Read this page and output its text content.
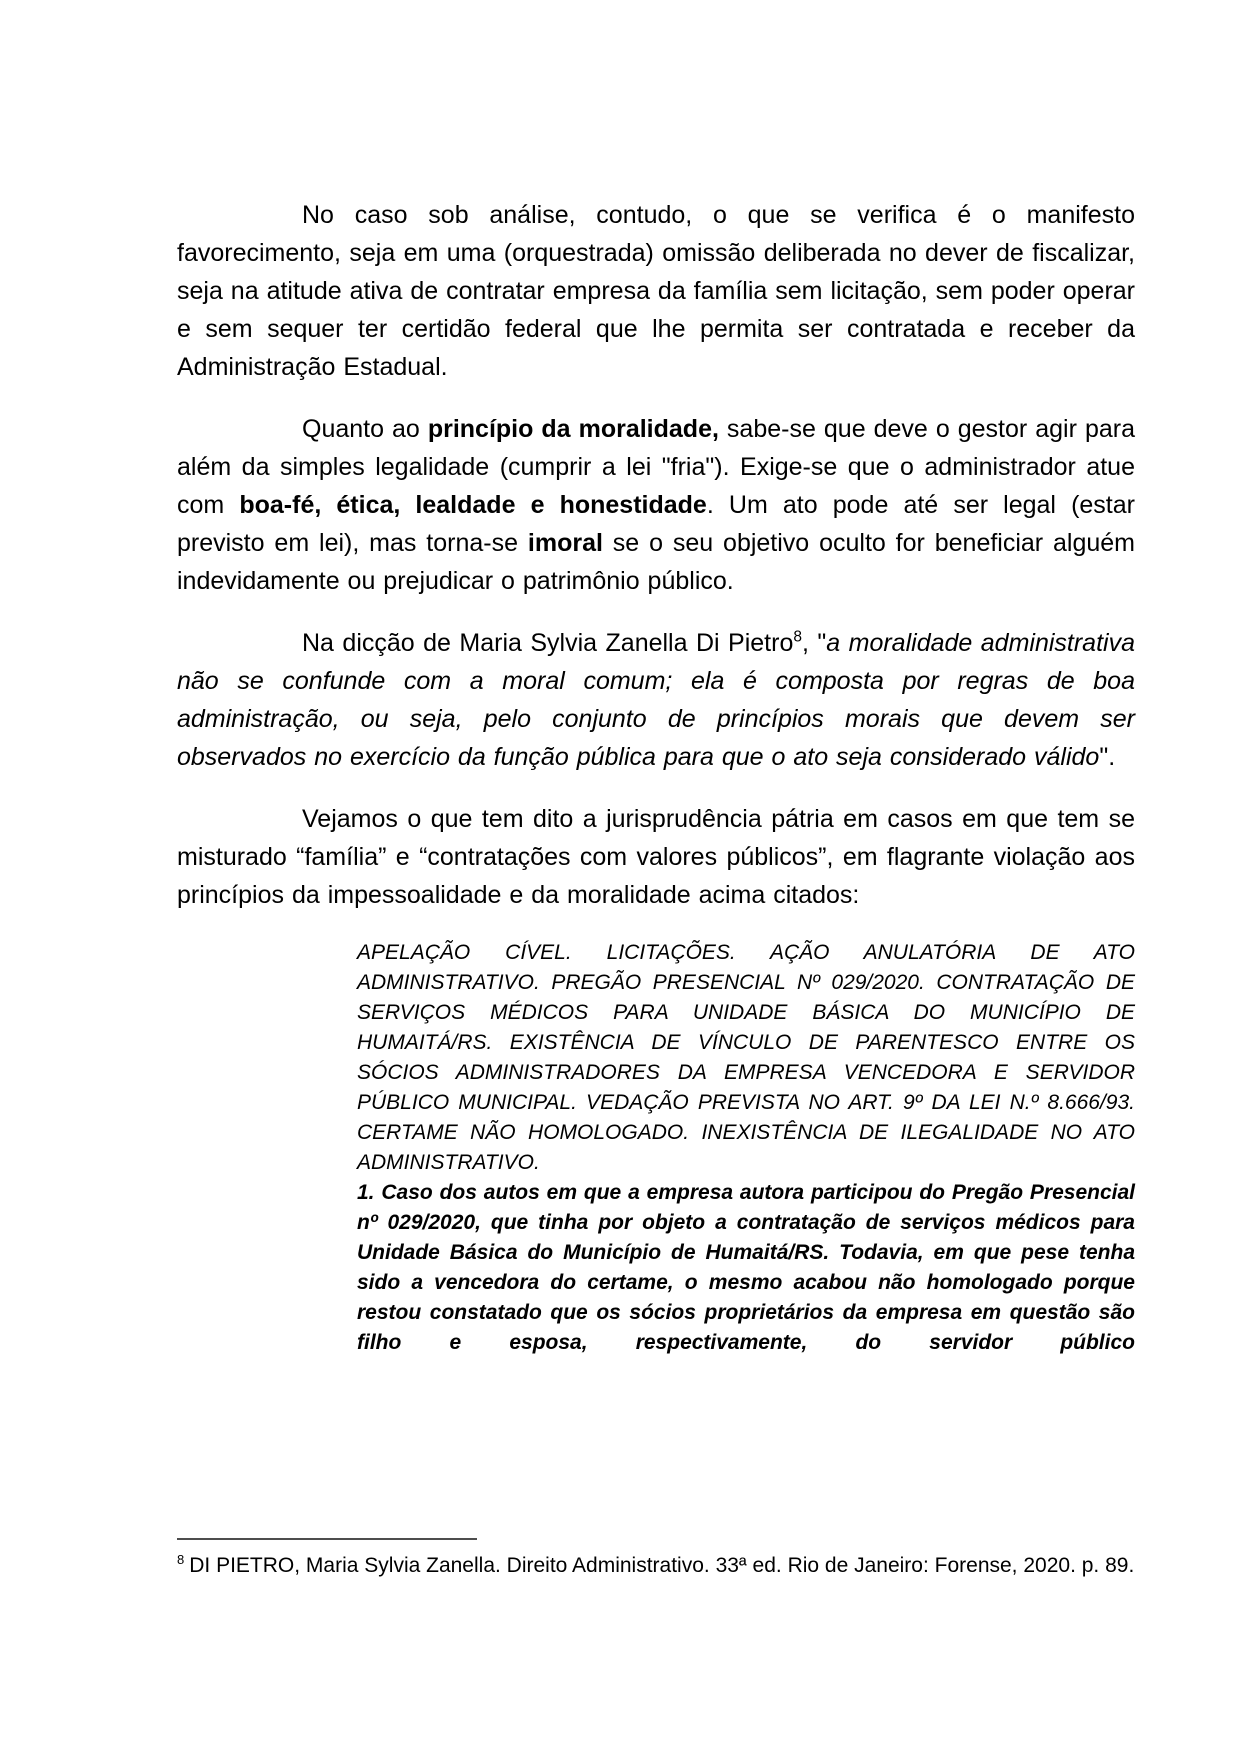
No caso sob análise, contudo, o que se verifica é o manifesto favorecimento, seja em uma (orquestrada) omissão deliberada no dever de fiscalizar, seja na atitude ativa de contratar empresa da família sem licitação, sem poder operar e sem sequer ter certidão federal que lhe permita ser contratada e receber da Administração Estadual.

Quanto ao princípio da moralidade, sabe-se que deve o gestor agir para além da simples legalidade (cumprir a lei "fria"). Exige-se que o administrador atue com boa-fé, ética, lealdade e honestidade. Um ato pode até ser legal (estar previsto em lei), mas torna-se imoral se o seu objetivo oculto for beneficiar alguém indevidamente ou prejudicar o patrimônio público.

Na dicção de Maria Sylvia Zanella Di Pietro$^8$, "a moralidade administrativa não se confunde com a moral comum; ela é composta por regras de boa administração, ou seja, pelo conjunto de princípios morais que devem ser observados no exercício da função pública para que o ato seja considerado válido".

Vejamos o que tem dito a jurisprudência pátria em casos em que tem se misturado “família” e “contratações com valores públicos”, em flagrante violação aos princípios da impessoalidade e da moralidade acima citados:

APELAÇÃO CÍVEL. LICITAÇÕES. AÇÃO ANULATÓRIA DE ATO ADMINISTRATIVO. PREGÃO PRESENCIAL Nº 029/2020. CONTRATAÇÃO DE SERVIÇOS MÉDICOS PARA UNIDADE BÁSICA DO MUNICÍPIO DE HUMAITÁ/RS. EXISTÊNCIA DE VÍNCULO DE PARENTESCO ENTRE OS SÓCIOS ADMINISTRADORES DA EMPRESA VENCEDORA E SERVIDOR PÚBLICO MUNICIPAL. VEDAÇÃO PREVISTA NO ART. 9º DA LEI N.º 8.666/93. CERTAME NÃO HOMOLOGADO. INEXISTÊNCIA DE ILEGALIDADE NO ATO ADMINISTRATIVO.

1. Caso dos autos em que a empresa autora participou do Pregão Presencial nº 029/2020, que tinha por objeto a contratação de serviços médicos para Unidade Básica do Município de Humaitá/RS. Todavia, em que pese tenha sido a vencedora do certame, o mesmo acabou não homologado porque restou constatado que os sócios proprietários da empresa em questão são filho e esposa, respectivamente, do servidor público

$^8$ DI PIETRO, Maria Sylvia Zanella. Direito Administrativo. 33ª ed. Rio de Janeiro: Forense, 2020. p. 89.
